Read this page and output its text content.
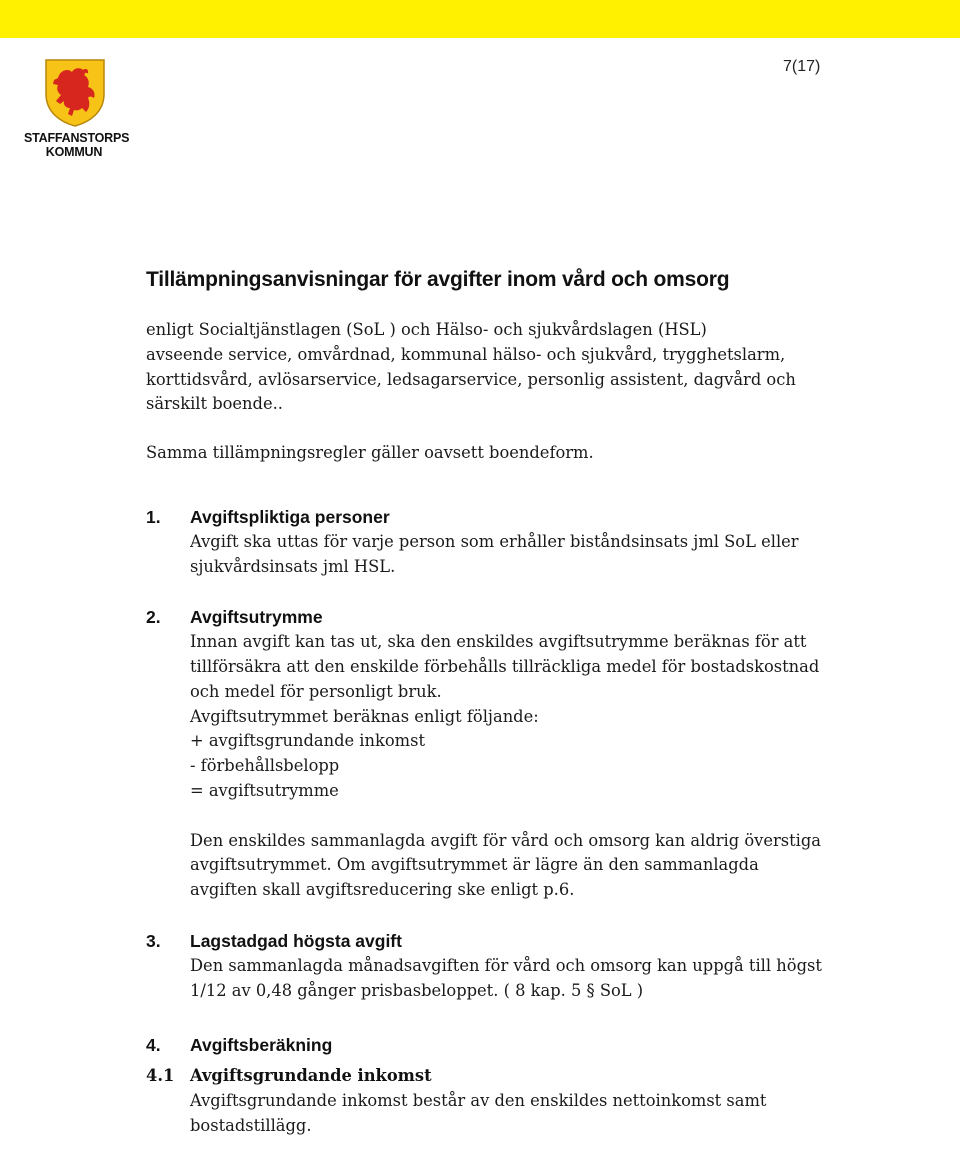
7(17)
STAFFANSTORPS
KOMMUN
Tillämpningsanvisningar för avgifter inom vård och omsorg

enligt Socialtjänstlagen (SoL ) och Hälso- och sjukvårdslagen (HSL)

avseende service, omvårdnad, kommunal hälso- och sjukvård, trygghetslarm,

korttidsvård, avlösarservice, ledsagarservice, personlig assistent, dagvård och

särskilt boende..

Samma tillämpningsregler gäller oavsett boendeform.

1. Avgiftspliktiga personer

Avgift ska uttas för varje person som erhåller biståndsinsats jml SoL eller

sjukvårdsinsats jml HSL.

2. Avgiftsutrymme

Innan avgift kan tas ut, ska den enskildes avgiftsutrymme beräknas för att

tillförsäkra att den enskilde förbehålls tillräckliga medel för bostadskostnad

och medel för personligt bruk.

Avgiftsutrymmet beräknas enligt följande:

+ avgiftsgrundande inkomst

- förbehållsbelopp

= avgiftsutrymme

Den enskildes sammanlagda avgift för vård och omsorg kan aldrig överstiga

avgiftsutrymmet. Om avgiftsutrymmet är lägre än den sammanlagda

avgiften skall avgiftsreducering ske enligt p.6.

3. Lagstadgad högsta avgift

Den sammanlagda månadsavgiften för vård och omsorg kan uppgå till högst

1/12 av 0,48 gånger prisbasbeloppet. ( 8 kap. 5 § SoL )

4. Avgiftsberäkning
4.1 Avgiftsgrundande inkomst

Avgiftsgrundande inkomst består av den enskildes nettoinkomst samt

bostadstillägg.
